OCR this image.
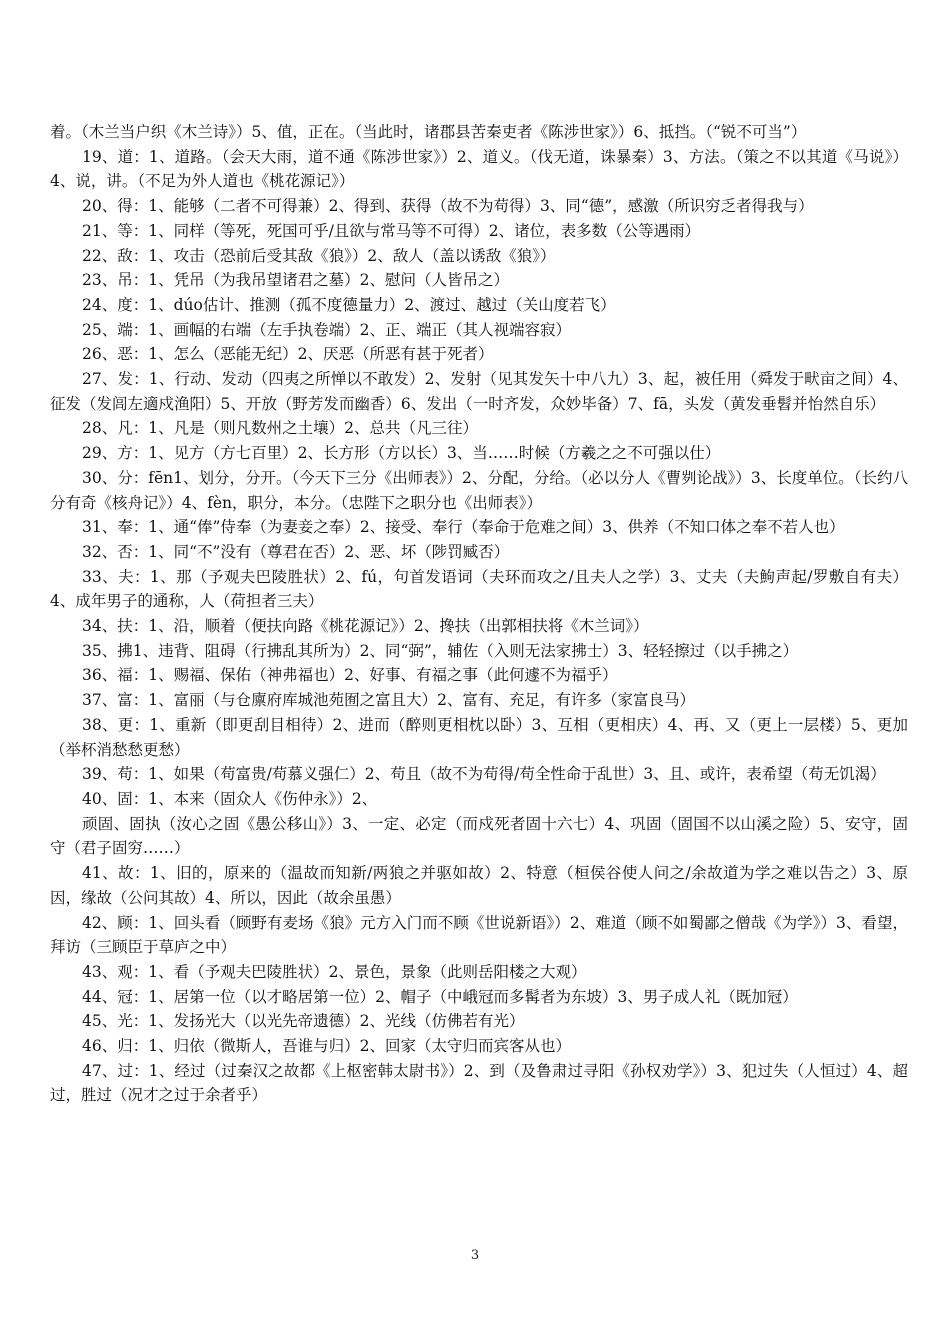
着。（木兰当户织《木兰诗》）5、值，正在。（当此时，诸郡县苦秦吏者《陈涉世家》）6、抵挡。（“锐不可当”）

19、道：1、道路。（会天大雨，道不通《陈涉世家》）2、道义。（伐无道，诛暴秦）3、方法。（策之不以其道《马说》）4、说，讲。（不足为外人道也《桃花源记》）

20、得：1、能够（二者不可得兼）2、得到、获得（故不为苟得）3、同“德”，感激（所识穷乏者得我与）

21、等：1、同样（等死，死国可乎/且欲与常马等不可得）2、诸位，表多数（公等遇雨）

22、敌：1、攻击（恐前后受其敌《狼》）2、敌人（盖以诱敌《狼》）

23、吊：1、凭吊（为我吊望诸君之墓）2、慰问（人皆吊之）

24、度：1、dúo估计、推测（孤不度德量力）2、渡过、越过（关山度若飞）

25、端：1、画幅的右端（左手执卷端）2、正、端正（其人视端容寂）

26、恶：1、怎么（恶能无纪）2、厌恶（所恶有甚于死者）

27、发：1、行动、发动（四夷之所惮以不敢发）2、发射（见其发矢十中八九）3、起，被任用（舜发于畎亩之间）4、征发（发闾左適戍渔阳）5、开放（野芳发而幽香）6、发出（一时齐发，众妙毕备）7、fā，头发（黄发垂髫并怡然自乐）

28、凡：1、凡是（则凡数州之土壤）2、总共（凡三往）

29、方：1、见方（方七百里）2、长方形（方以长）3、当……时候（方羲之之不可强以仕）

30、分：fēn1、划分，分开。（今天下三分《出师表》）2、分配，分给。（必以分人《曹刿论战》）3、长度单位。（长约八分有奇《核舟记》）4、fèn，职分，本分。（忠陛下之职分也《出师表》）

31、奉：1、通“俸”侍奉（为妻妾之奉）2、接受、奉行（奉命于危难之间）3、供养（不知口体之奉不若人也）

32、否：1、同“不”没有（尊君在否）2、恶、坏（陟罚臧否）

33、夫：1、那（予观夫巴陵胜状）2、fú，句首发语词（夫环而攻之/且夫人之学）3、丈夫（夫鮈声起/罗敷自有夫）4、成年男子的通称，人（荷担者三夫）

34、扶：1、沿，顺着（便扶向路《桃花源记》）2、搀扶（出郭相扶将《木兰词》）

35、拂1、违背、阻碍（行拂乱其所为）2、同“弼”，辅佐（入则无法家拂士）3、轻轻擦过（以手拂之）

36、福：1、赐福、保佑（神弗福也）2、好事、有福之事（此何遽不为福乎）

37、富：1、富丽（与仓廪府库城池苑囿之富且大）2、富有、充足，有许多（家富良马）

38、更：1、重新（即更刮目相待）2、进而（醉则更相枕以卧）3、互相（更相庆）4、再、又（更上一层楼）5、更加（举杯消愁愁更愁）

39、苟：1、如果（苟富贵/苟慕义强仁）2、苟且（故不为苟得/苟全性命于乱世）3、且、或许，表希望（苟无饥渴）

40、固：1、本来（固众人《伤仲永》）2、

顽固、固执（汝心之固《愚公移山》）3、一定、必定（而戍死者固十六七）4、巩固（固国不以山溪之险）5、安守，固守（君子固穷……）

41、故：1、旧的，原来的（温故而知新/两狼之并驱如故）2、特意（桓侯谷使人问之/余故道为学之难以告之）3、原因，缘故（公问其故）4、所以，因此（故余虽愚）

42、顾：1、回头看（顾野有麦场《狼》元方入门而不顾《世说新语》）2、难道（顾不如蜀鄙之僧哉《为学》）3、看望，拜访（三顾臣于草庐之中）

43、观：1、看（予观夫巴陵胜状）2、景色，景象（此则岳阳楼之大观）

44、冠：1、居第一位（以才略居第一位）2、帽子（中峨冠而多髯者为东坡）3、男子成人礼（既加冠）

45、光：1、发扬光大（以光先帝遗德）2、光线（仿佛若有光）

46、归：1、归依（微斯人，吾谁与归）2、回家（太守归而宾客从也）

47、过：1、经过（过秦汉之故都《上枢密韩太尉书》）2、到（及鲁肃过寻阳《孙权劝学》）3、犯过失（人恒过）4、超过，胜过（况才之过于余者乎）

3
